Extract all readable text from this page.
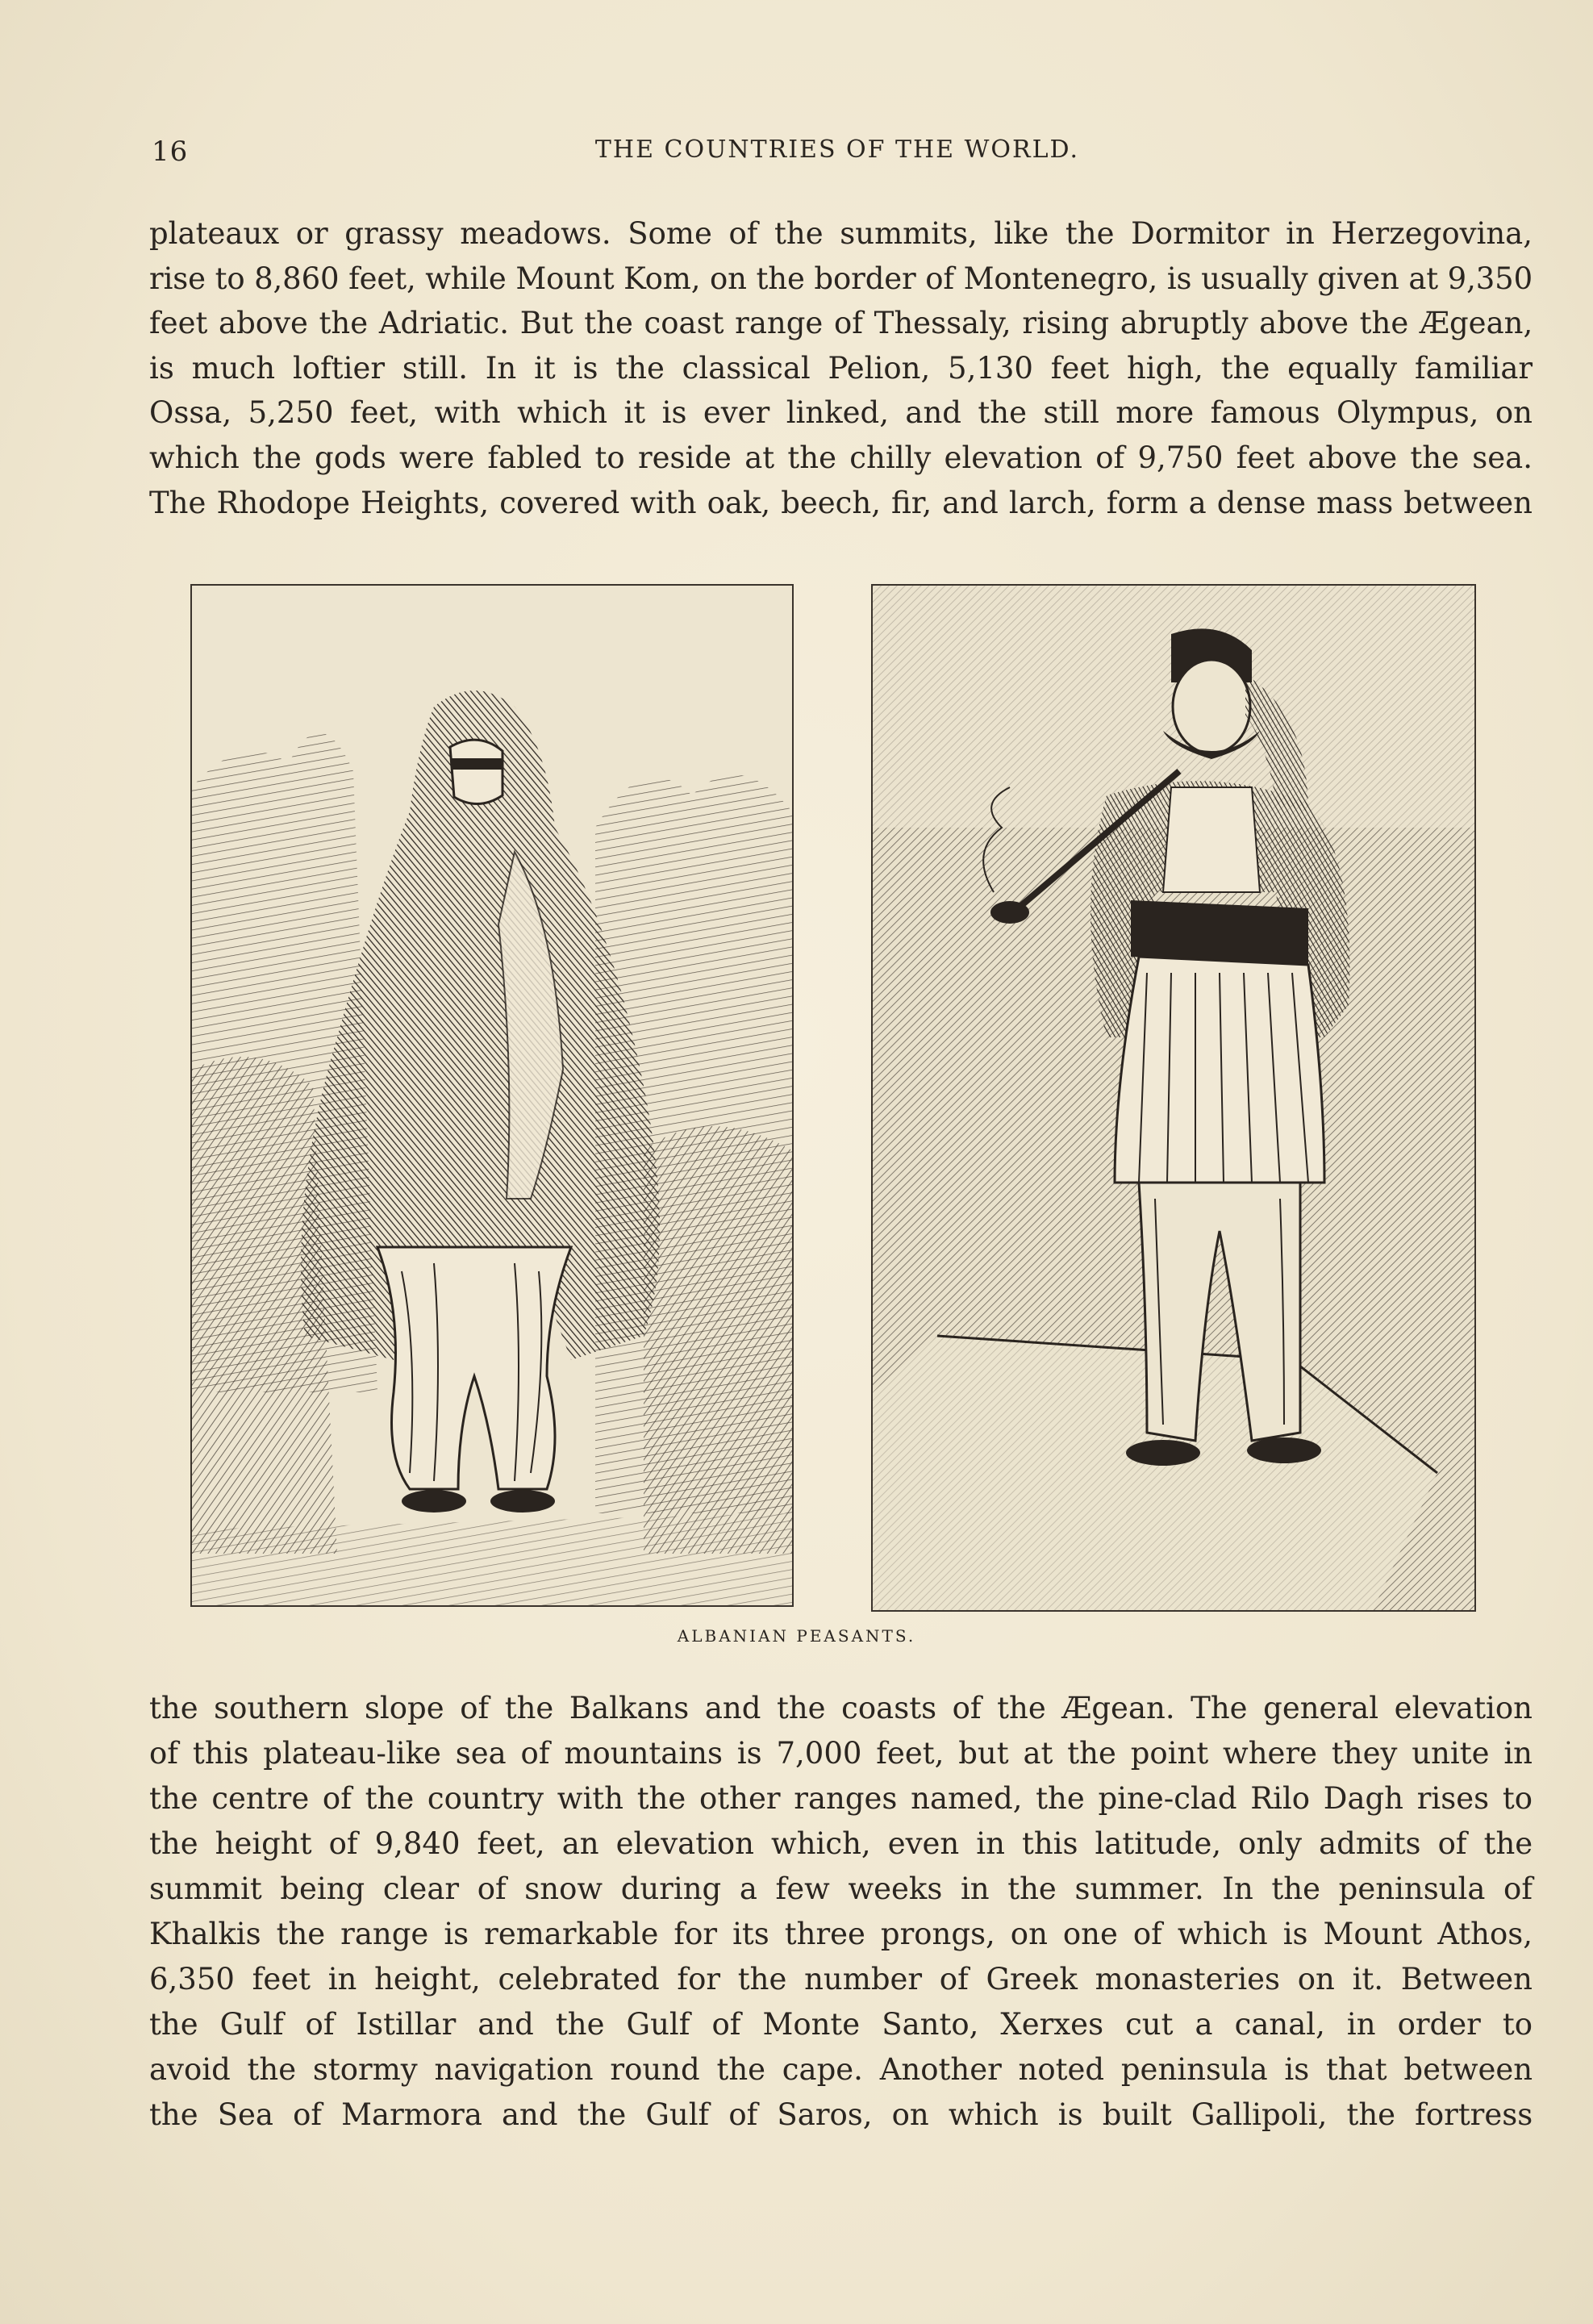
16	THE COUNTRIES OF THE WORLD.
plateaux or grassy meadows. Some of the summits, like the Dormitor in Herzegovina,
rise to 8,860 feet, while Mount Kom, on the border of Montenegro, is usually given at 9,350
feet above the Adriatic. But the coast range of Thessaly, rising abruptly above the Ægean,
is much loftier still. In it is the classical Pelion, 5,130 feet high, the equally familiar
Ossa, 5,250 feet, with which it is ever linked, and the still more famous Olympus, on
which the gods were fabled to reside at the chilly elevation of 9,750 feet above the sea.
The Rhodope Heights, covered with oak, beech, fir, and larch, form a dense mass between
ALBANIAN PEASANTS.
the southern slope of the Balkans and the coasts of the Ægean. The general elevation
of this plateau-like sea of mountains is 7,000 feet, but at the point where they unite in
the centre of the country with the other ranges named, the pine-clad Rilo Dagh rises to
the height of 9,840 feet, an elevation which, even in this latitude, only admits of the
summit being clear of snow during a few weeks in the summer. In the peninsula of
Khalkis the range is remarkable for its three prongs, on one of which is Mount Athos,
6,350 feet in height, celebrated for the number of Greek monasteries on it. Between
the Gulf of Istillar and the Gulf of Monte Santo, Xerxes cut a canal, in order to
avoid the stormy navigation round the cape. Another noted peninsula is that between
the Sea of Marmora and the Gulf of Saros, on which is built Gallipoli, the fortress
